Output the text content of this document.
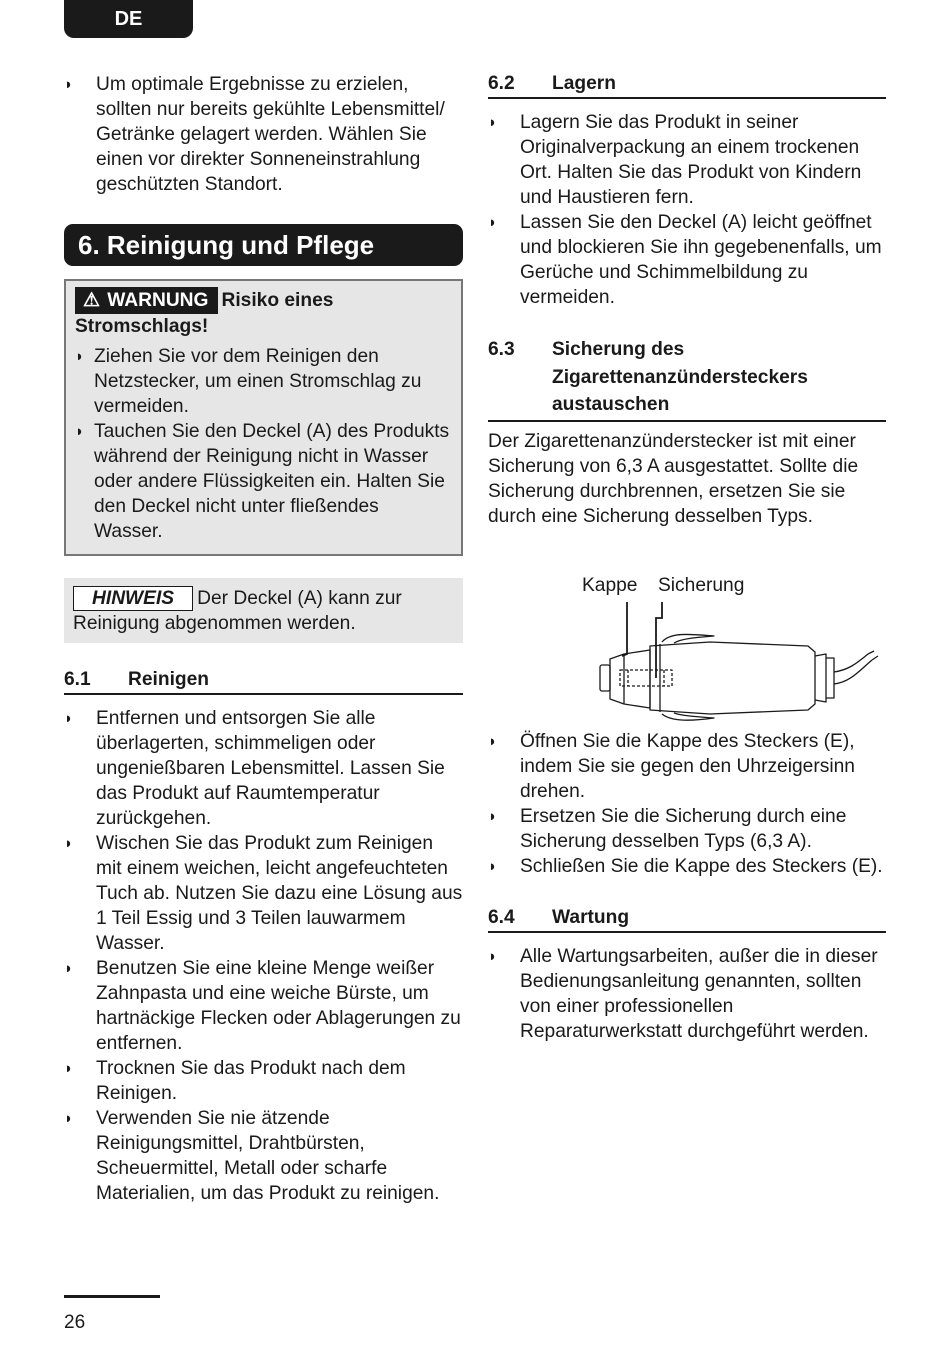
DE
◗ Um optimale Ergebnisse zu erzielen, sollten nur bereits gekühlte Lebensmittel/ Getränke gelagert werden. Wählen Sie einen vor direkter Sonneneinstrahlung geschützten Standort.
6. Reinigung und Pflege
⚠ WARNUNG Risiko eines
Stromschlags!
◗ Ziehen Sie vor dem Reinigen den Netzstecker, um einen Stromschlag zu vermeiden.
◗ Tauchen Sie den Deckel (A) des Produkts während der Reinigung nicht in Wasser oder andere Flüssigkeiten ein. Halten Sie den Deckel nicht unter fließendes Wasser.
HINWEIS Der Deckel (A) kann zur Reinigung abgenommen werden.
6.1	Reinigen
◗ Entfernen und entsorgen Sie alle überlagerten, schimmeligen oder ungenießbaren Lebensmittel. Lassen Sie das Produkt auf Raumtemperatur zurückgehen.
◗ Wischen Sie das Produkt zum Reinigen mit einem weichen, leicht angefeuchteten Tuch ab. Nutzen Sie dazu eine Lösung aus 1 Teil Essig und 3 Teilen lauwarmem Wasser.
◗ Benutzen Sie eine kleine Menge weißer Zahnpasta und eine weiche Bürste, um hartnäckige Flecken oder Ablagerungen zu entfernen.
◗ Trocknen Sie das Produkt nach dem Reinigen.
◗ Verwenden Sie nie ätzende Reinigungsmittel, Drahtbürsten, Scheuermittel, Metall oder scharfe Materialien, um das Produkt zu reinigen.
6.2	Lagern
◗ Lagern Sie das Produkt in seiner Originalverpackung an einem trockenen Ort. Halten Sie das Produkt von Kindern und Haustieren fern.
◗ Lassen Sie den Deckel (A) leicht geöffnet und blockieren Sie ihn gegebenenfalls, um Gerüche und Schimmelbildung zu vermeiden.
6.3	Sicherung des
Zigarettenanzündersteckers
austauschen
Der Zigarettenanzünderstecker ist mit einer Sicherung von 6,3 A ausgestattet. Sollte die Sicherung durchbrennen, ersetzen Sie sie durch eine Sicherung desselben Typs.
Kappe Sicherung
◗ Öffnen Sie die Kappe des Steckers (E), indem Sie sie gegen den Uhrzeigersinn drehen.
◗ Ersetzen Sie die Sicherung durch eine Sicherung desselben Typs (6,3 A).
◗ Schließen Sie die Kappe des Steckers (E).
6.4	Wartung
◗ Alle Wartungsarbeiten, außer die in dieser Bedienungsanleitung genannten, sollten von einer professionellen Reparaturwerkstatt durchgeführt werden.
26
